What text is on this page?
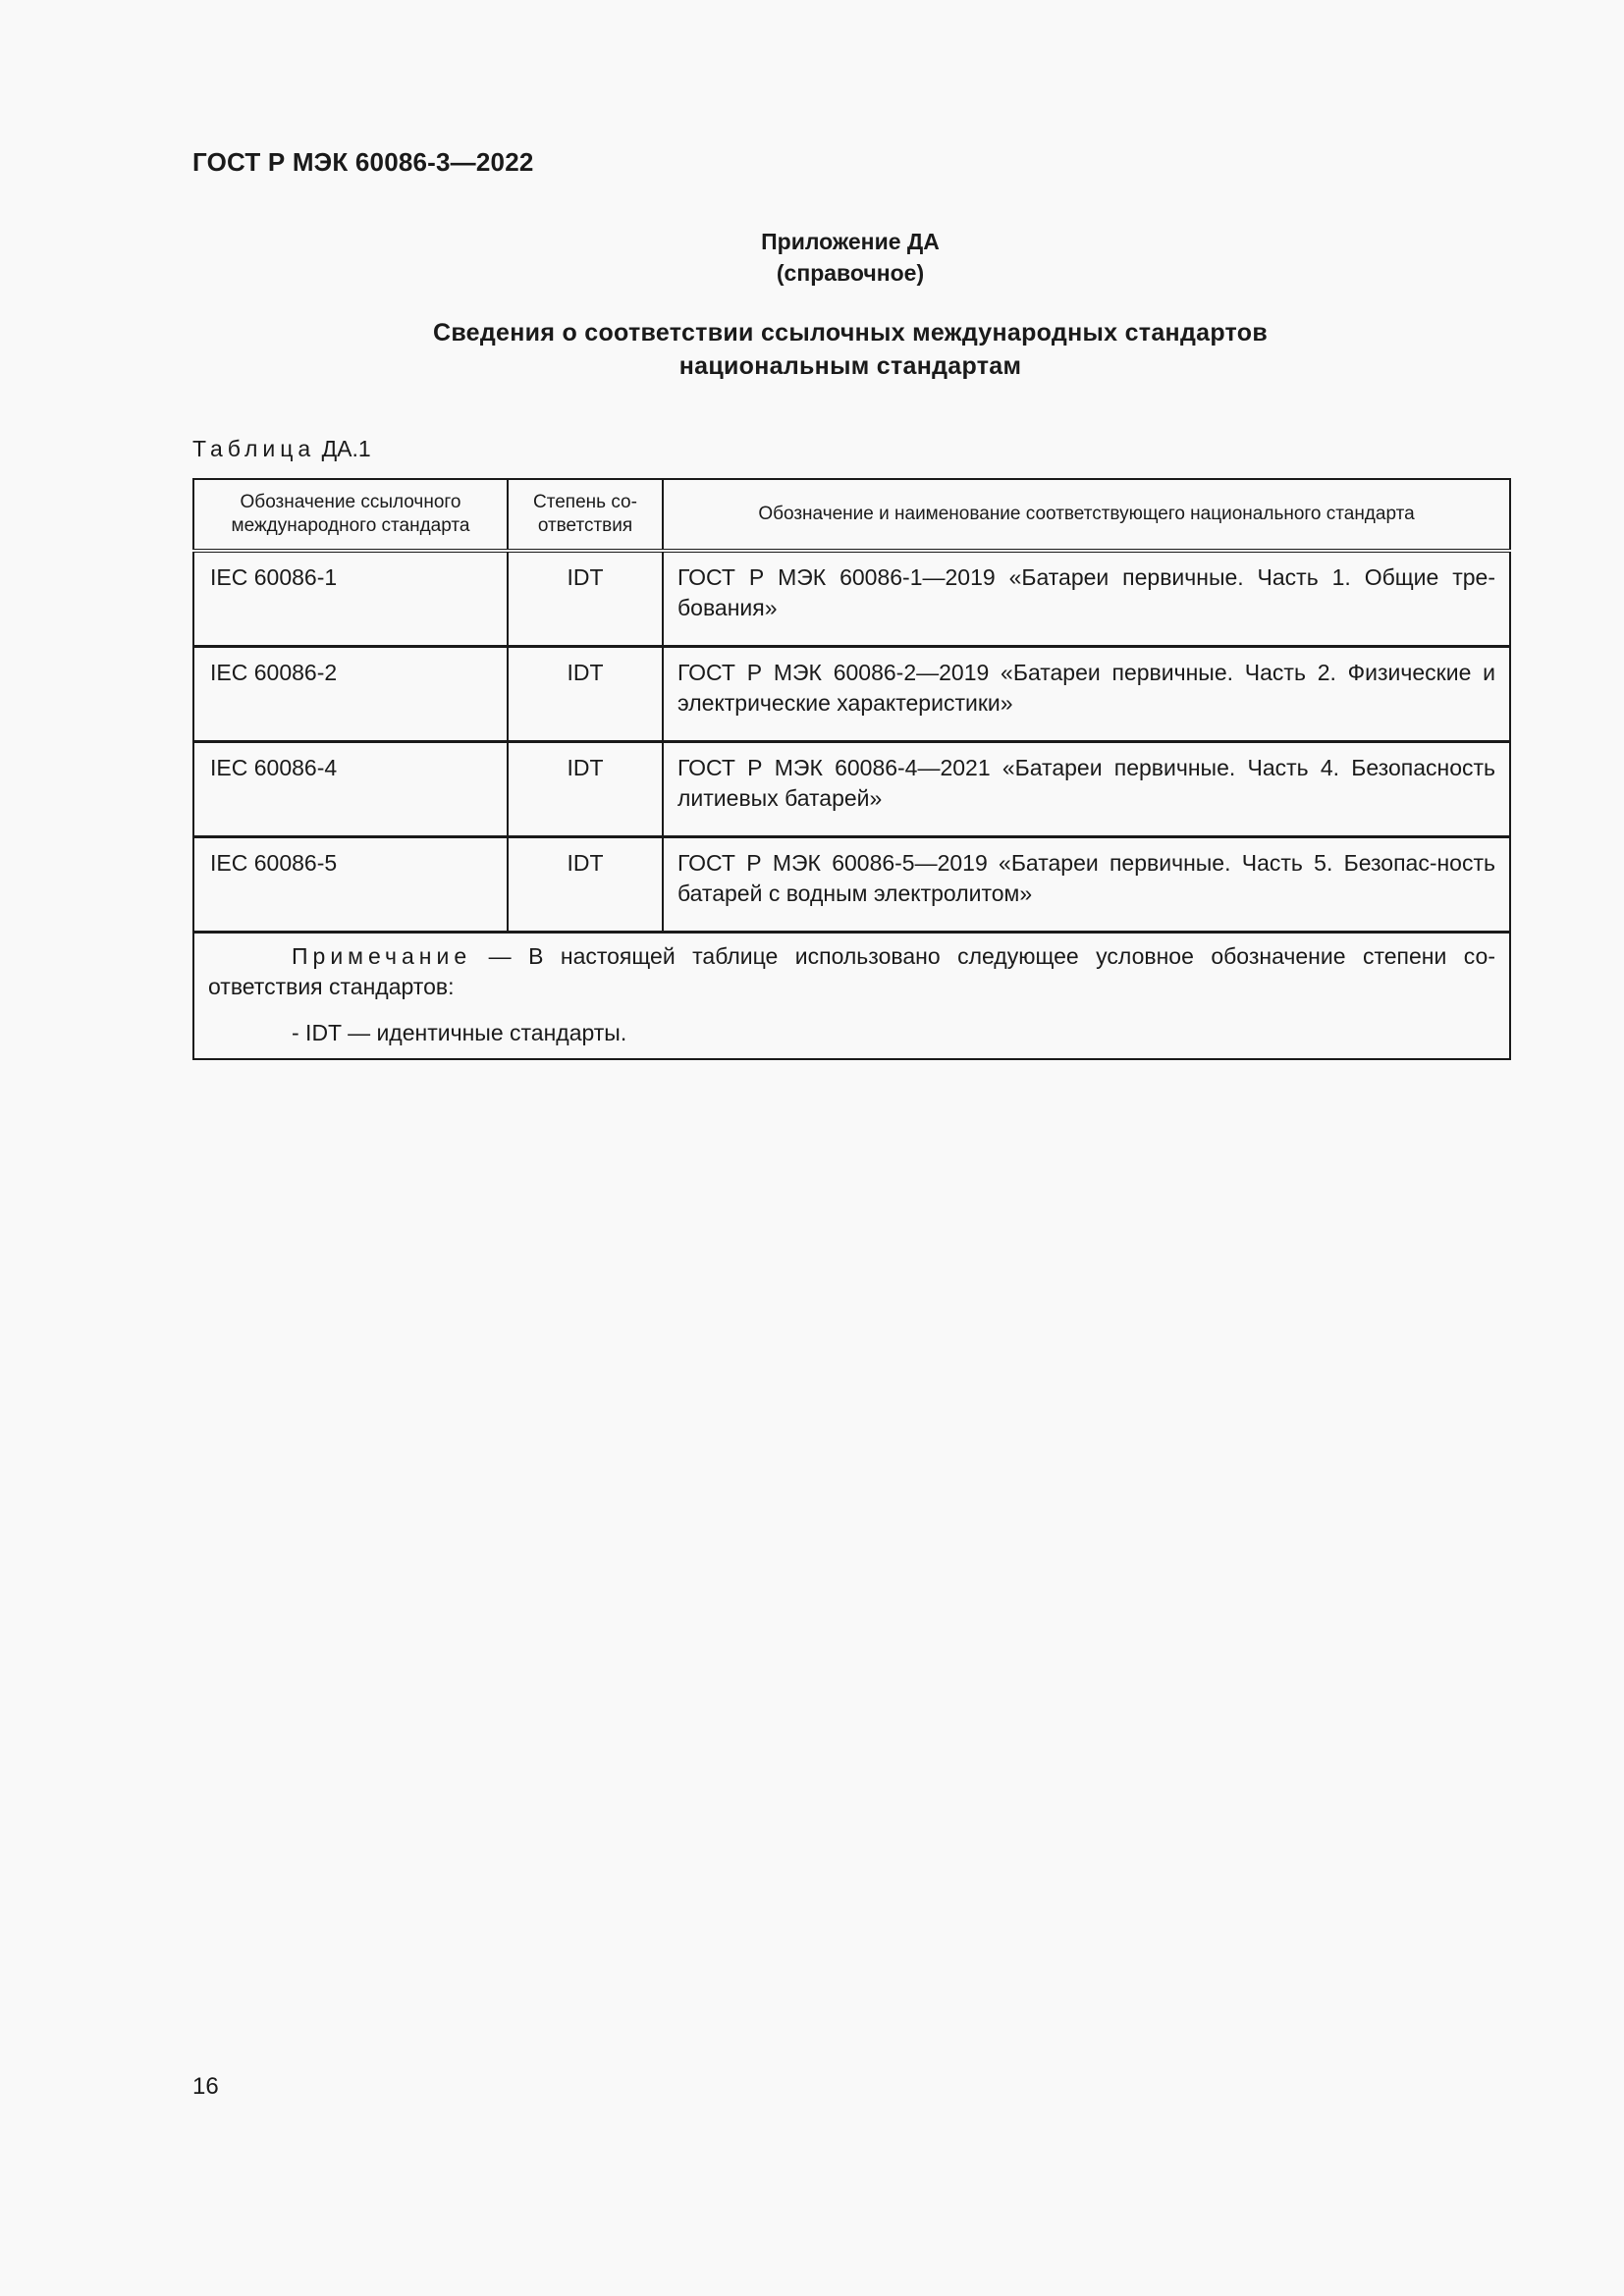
ГОСТ Р МЭК 60086-3—2022
Приложение ДА
(справочное)
Сведения о соответствии ссылочных международных стандартов
национальным стандартам
Таблица ДА.1
Обозначение ссылочного международного стандарта	Степень со-ответствия	Обозначение и наименование соответствующего национального стандарта
IEC 60086-1	IDT	ГОСТ Р МЭК 60086-1—2019 «Батареи первичные. Часть 1. Общие тре-бования»
IEC 60086-2	IDT	ГОСТ Р МЭК 60086-2—2019 «Батареи первичные. Часть 2. Физические и электрические характеристики»
IEC 60086-4	IDT	ГОСТ Р МЭК 60086-4—2021 «Батареи первичные. Часть 4. Безопасность литиевых батарей»
IEC 60086-5	IDT	ГОСТ Р МЭК 60086-5—2019 «Батареи первичные. Часть 5. Безопас-ность батарей с водным электролитом»

Примечание — В настоящей таблице использовано следующее условное обозначение степени со-ответствия стандартов:
- IDT — идентичные стандарты.		
16
